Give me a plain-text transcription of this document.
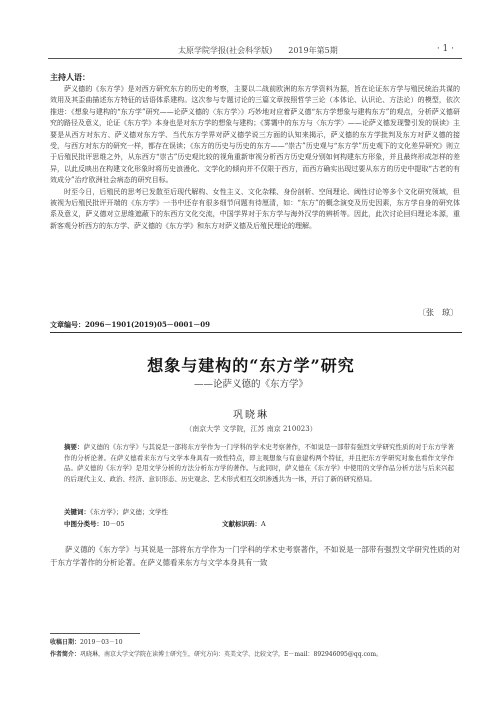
太原学院学报(社会科学版)　　2019年第5期	· 1 ·
主持人语：

萨义德的《东方学》是对西方研究东方的历史的考察，主要以二战前欧洲的东方学资料为据，旨在论证东方学与殖民统治共谋的效用及其歪曲描述东方特征的话语体系建构。这次参与专题讨论的三篇文章按照哲学三论（本体论、认识论、方法论）的模型，依次推进：《想象与建构的“东方学”研究——论萨义德的〈东方学〉》巧妙地对应着萨义德“东方学想象与建构东方”的观点，分析萨义德研究的路径及意义，论证《东方学》本身也是对东方学的想象与建构；《雾霭中的东方与〈东方学〉——论萨义德发现警引发的误读》主要是从西方对东方、萨义德对东方学、当代东方学界对萨义德学说三方面的认知来揭示，萨义德的东方学批判及东方对萨义德的接受，与西方对东方的研究一样，都存在误读；《东方的历史与历史的东方——“崇古”历史观与“东方学”历史观下的文化差异研究》则立于后殖民批评思维之外，从东西方“崇古”历史观比较的视角重新审视分析西方历史观分别如何构建东方形象，并且最终形成怎样的差异，以此反映出在构建文化形象时将历史浪漫化、文学化的倾向并不仅限于西方，而西方确实出现过要从东方的历史中提取“古老的有效成分”治疗欧洲社会病态的研究目标。

时至今日，后殖民的思考已发散至后现代解构、女性主义、文化杂糅、身份剖析、空间理论、阈性讨论等多个文化研究领域，但被视为后殖民批评开端的《东方学》一书中还存有很多细节问题有待厘清，如：“东方”的概念演变及历史因素，东方学自身的研究体系及意义，萨义德对立思维遮蔽下的东西方文化交流，中国学界对于东方学与海外汉学的辨析等。因此，此次讨论回归理论本源，重新客观分析西方的东方学、萨义德的《东方学》和东方对萨义德及后殖民理论的理解。

〔张　琼〕
文章编号：2096－1901(2019)05－0001－09
想象与建构的“东方学”研究
——论萨义德的《东方学》
巩晓琳
（南京大学 文学院，江苏 南京 210023）
摘要：萨义德的《东方学》与其说是一部将东方学作为一门学科的学术史考察著作，不如说是一部带有强烈文学研究性质的对于东方学著作的分析论著。在萨义德看来东方与文学本身具有一致性特点，即主观想象与有意建构两个特征，并且把东方学研究对象也看作文学作品。萨义德的《东方学》是用文学分析的方法分析东方学的著作。与此同时，萨义德在《东方学》中使用的文学作品分析方法与后来兴起的后现代主义、政治、经济、意识形态、历史观念、艺术形式相互交织渗透共为一体，开启了新的研究格局。
关键词：《东方学》；萨义德；文学性
中图分类号：I0－05	文献标识码：A

萨义德的《东方学》与其说是一部将东方学作为一门学科的学术史考察著作，不如说是一部带有强烈文学研究性质的对于东方学著作的分析论著。在萨义德看来东方与文学本身具有一致

收稿日期：2019－03－10
作者简介：巩晓琳，南京大学文学院在读博士研究生，研究方向：英美文学、比较文学，E－mail：892946095@qq.com。
